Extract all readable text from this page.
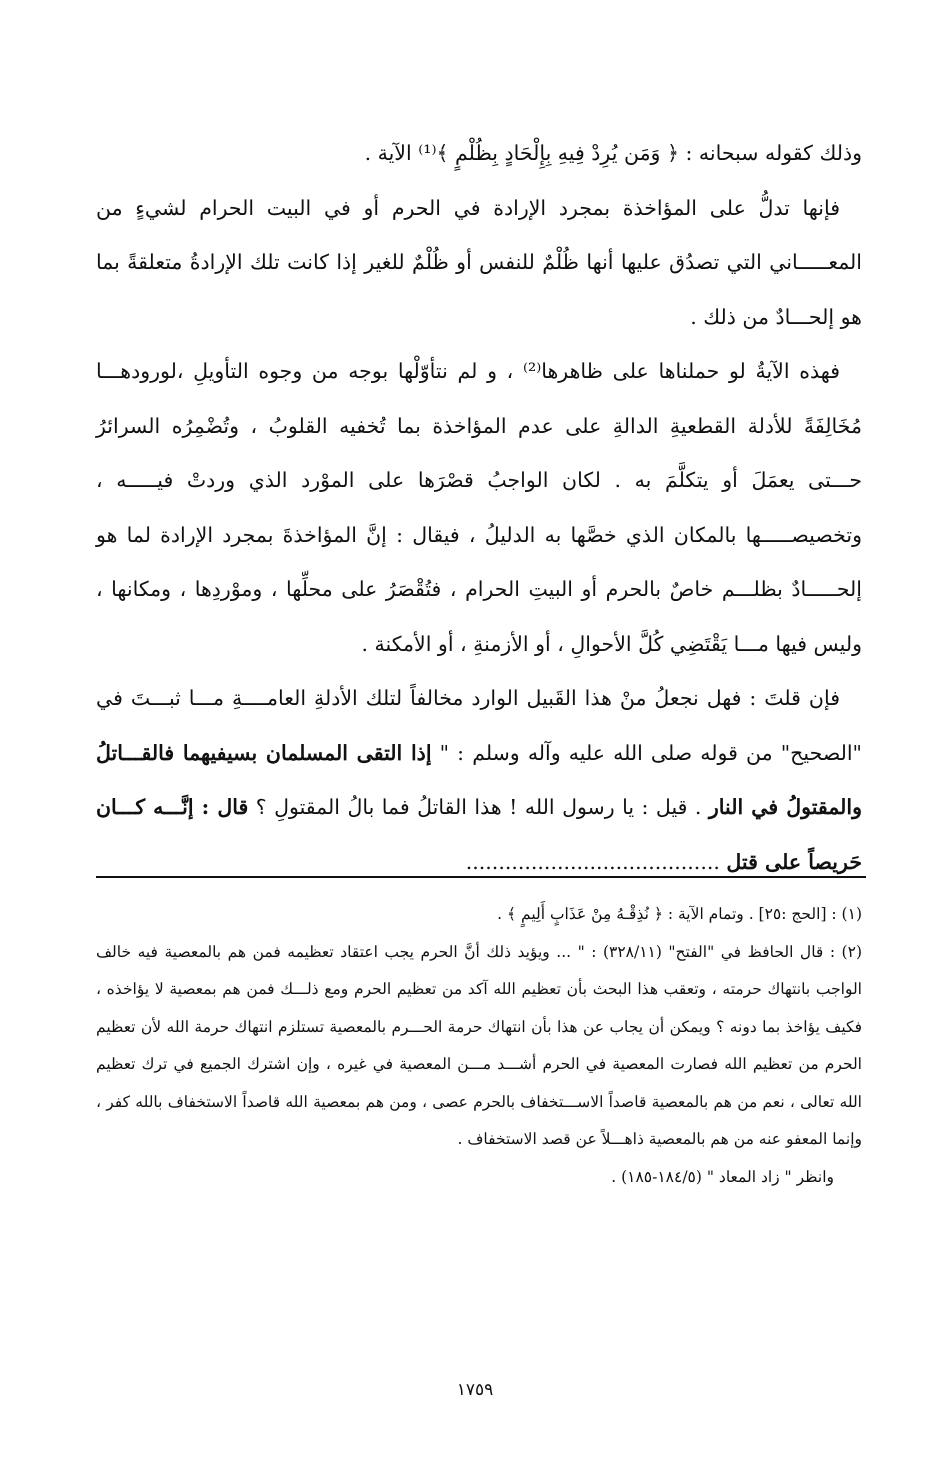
وذلك كقوله سبحانه : ﴿ وَمَن يُرِدْ فِيهِ بِإِلْحَادٍ بِظُلْمٍ ﴾⁽¹⁾ الآية .

فإنها تدلُّ على المؤاخذة بمجرد الإرادة في الحرم أو في البيت الحرام لشيءٍ من المعـــــاني التي تصدُق عليها أنها ظُلْمٌ للنفس أو ظُلْمٌ للغير إذا كانت تلك الإرادةُ متعلقةً بما هو إلحـــادٌ من ذلك .

فهذه الآيةُ لو حملناها على ظاهرها⁽²⁾ ، و لم نتأوّلْها بوجه من وجوه التأويلِ ،لورودهـــا مُخَالِفَةً للأدلة القطعيةِ الدالةِ على عدم المؤاخذة بما تُخفيه القلوبُ ، وتُضْمِرُه السرائرُ حـــتى يعمَلَ أو يتكلَّمَ به . لكان الواجبُ قصْرَها على الموْرد الذي وردتْ فيـــــه ، وتخصيصـــــها بالمكان الذي خصَّها به الدليلُ ، فيقال : إنَّ المؤاخذةَ بمجرد الإرادة لما هو إلحـــــادٌ بظلـــم خاصٌ بالحرم أو البيتِ الحرام ، فتُقْصَرُ على محلِّها ، وموْردِها ، ومكانها ، وليس فيها مـــا يَقْتَضِي كُلَّ الأحوالِ ، أو الأزمنةِ ، أو الأمكنة .

فإن قلتَ : فهل نجعلُ منْ هذا القَبيل الوارد مخالفاً لتلك الأدلةِ العامــــةِ مـــا ثبـــتَ في "الصحيح" من قوله صلى الله عليه وآله وسلم : " إذا التقى المسلمان بسيفيهما فالقـــاتلُ والمقتولُ في النار . قيل : يا رسول الله ! هذا القاتلُ فما بالُ المقتولِ ؟ قال : إنَّـــه كـــان حَريصاً على قتل .......................................

(١) : [الحج :٢٥] . وتمام الآية : ﴿ نُذِقْـهُ مِنْ عَذَابٍ أَلِيمٍ ﴾ .

(٢) : قال الحافظ في "الفتح" (٣٢٨/١١) : " ... ويؤيد ذلك أنَّ الحرم يجب اعتقاد تعظيمه فمن هم بالمعصية فيه خالف الواجب بانتهاك حرمته ، وتعقب هذا البحث بأن تعظيم الله آكد من تعظيم الحرم ومع ذلـــك فمن هم بمعصية لا يؤاخذه ، فكيف يؤاخذ بما دونه ؟ ويمكن أن يجاب عن هذا بأن انتهاك حرمة الحـــرم بالمعصية تستلزم انتهاك حرمة الله لأن تعظيم الحرم من تعظيم الله فصارت المعصية في الحرم أشـــد مـــن المعصية في غيره ، وإن اشترك الجميع في ترك تعظيم الله تعالى ، نعم من هم بالمعصية قاصداً الاســـتخفاف بالحرم عصى ، ومن هم بمعصية الله قاصداً الاستخفاف بالله كفر ، وإنما المعفو عنه من هم بالمعصية ذاهـــلاً عن قصد الاستخفاف .

وانظر " زاد المعاد " (١٨٤/٥-١٨٥) .

١٧٥٩
